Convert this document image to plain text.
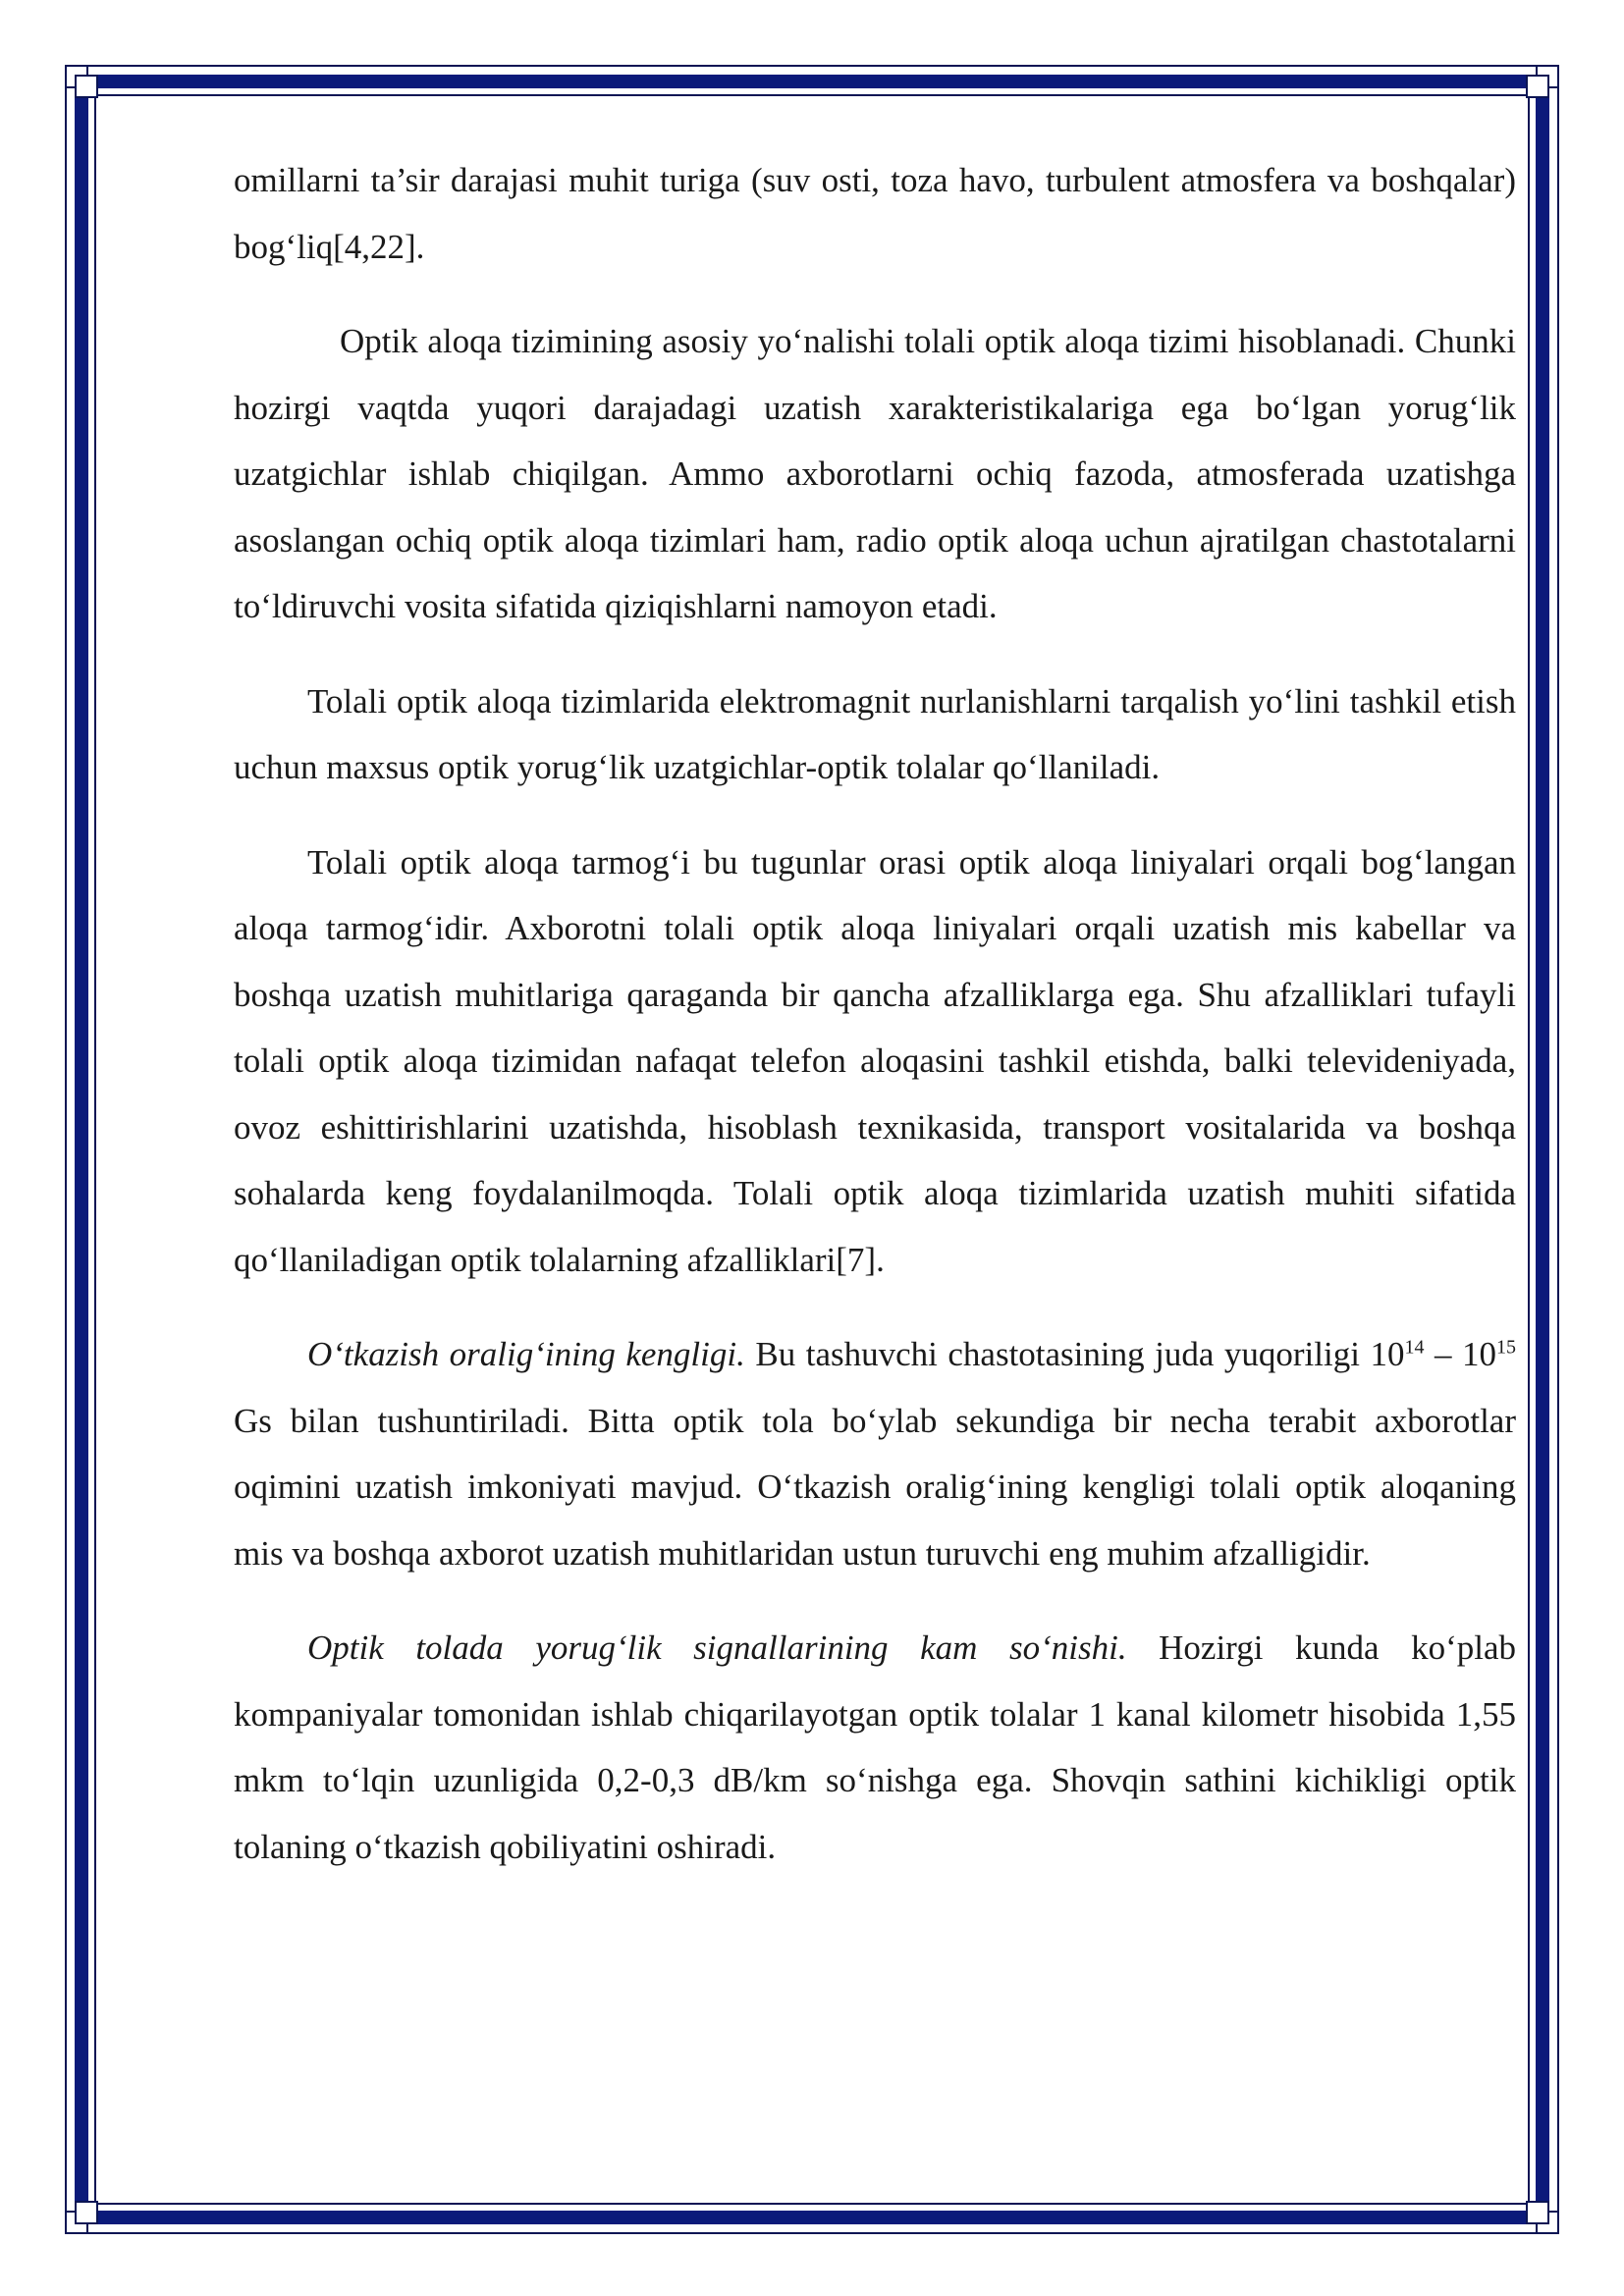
omillarni ta’sir darajasi muhit turiga (suv osti, toza havo, turbulent atmosfera va boshqalar) bog‘liq[4,22].

Optik aloqa tizimining asosiy yo‘nalishi tolali optik aloqa tizimi hisoblanadi. Chunki hozirgi vaqtda yuqori darajadagi uzatish xarakteristikalariga ega bo‘lgan yorug‘lik uzatgichlar ishlab chiqilgan. Ammo axborotlarni ochiq fazoda, atmosferada uzatishga asoslangan ochiq optik aloqa tizimlari ham, radio optik aloqa uchun ajratilgan chastotalarni to‘ldiruvchi vosita sifatida qiziqishlarni namoyon etadi.

Tolali optik aloqa tizimlarida elektromagnit nurlanishlarni tarqalish yo‘lini tashkil etish uchun maxsus optik yorug‘lik uzatgichlar-optik tolalar qo‘llaniladi.

Tolali optik aloqa tarmog‘i bu tugunlar orasi optik aloqa liniyalari orqali bog‘langan aloqa tarmog‘idir. Axborotni tolali optik aloqa liniyalari orqali uzatish mis kabellar va boshqa uzatish muhitlariga qaraganda bir qancha afzalliklarga ega. Shu afzalliklari tufayli tolali optik aloqa tizimidan nafaqat telefon aloqasini tashkil etishda, balki televideniyada, ovoz eshittirishlarini uzatishda, hisoblash texnikasida, transport vositalarida va boshqa sohalarda keng foydalanilmoqda. Tolali optik aloqa tizimlarida uzatish muhiti sifatida qo‘llaniladigan optik tolalarning afzalliklari[7].

O‘tkazish oralig‘ining kengligi. Bu tashuvchi chastotasining juda yuqoriligi $10^{14} - 10^{15}$ Gs bilan tushuntiriladi. Bitta optik tola bo‘ylab sekundiga bir necha terabit axborotlar oqimini uzatish imkoniyati mavjud. O‘tkazish oralig‘ining kengligi tolali optik aloqaning mis va boshqa axborot uzatish muhitlaridan ustun turuvchi eng muhim afzalligidir.

Optik tolada yorug‘lik signallarining kam so‘nishi. Hozirgi kunda ko‘plab kompaniyalar tomonidan ishlab chiqarilayotgan optik tolalar 1 kanal kilometr hisobida 1,55 mkm to‘lqin uzunligida 0,2-0,3 dB/km so‘nishga ega. Shovqin sathini kichikligi optik tolaning o‘tkazish qobiliyatini oshiradi.
